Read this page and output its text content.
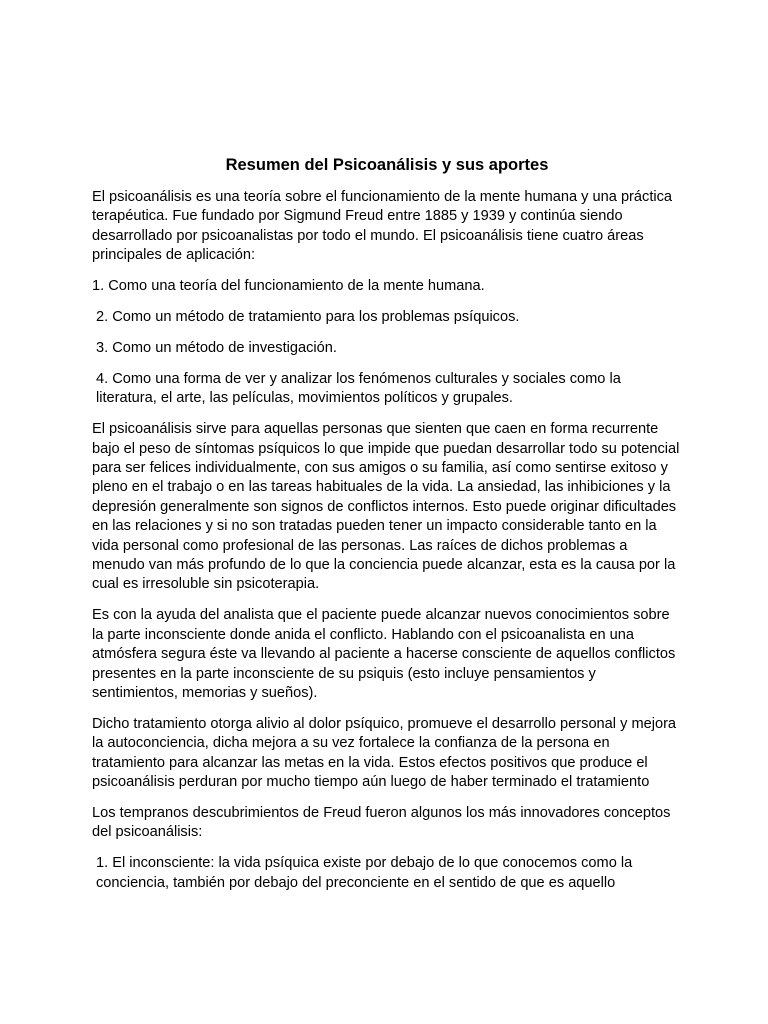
Resumen del Psicoanálisis y sus aportes

El psicoanálisis es una teoría sobre el funcionamiento de la mente humana y una práctica terapéutica. Fue fundado por Sigmund Freud entre 1885 y 1939 y continúa siendo desarrollado por psicoanalistas por todo el mundo. El psicoanálisis tiene cuatro áreas principales de aplicación:

1. Como una teoría del funcionamiento de la mente humana.

2. Como un método de tratamiento para los problemas psíquicos.

3. Como un método de investigación.

4. Como una forma de ver y analizar los fenómenos culturales y sociales como la literatura, el arte, las películas, movimientos políticos y grupales.

El psicoanálisis sirve para aquellas personas que sienten que caen en forma recurrente bajo el peso de síntomas psíquicos lo que impide que puedan desarrollar todo su potencial para ser felices individualmente, con sus amigos o su familia, así como sentirse exitoso y pleno en el trabajo o en las tareas habituales de la vida. La ansiedad, las inhibiciones y la depresión generalmente son signos de conflictos internos. Esto puede originar dificultades en las relaciones y si no son tratadas pueden tener un impacto considerable tanto en la vida personal como profesional de las personas. Las raíces de dichos problemas a menudo van más profundo de lo que la conciencia puede alcanzar, esta es la causa por la cual es irresoluble sin psicoterapia.

Es con la ayuda del analista que el paciente puede alcanzar nuevos conocimientos sobre la parte inconsciente donde anida el conflicto. Hablando con el psicoanalista en una atmósfera segura éste va llevando al paciente a hacerse consciente de aquellos conflictos presentes en la parte inconsciente de su psiquis (esto incluye pensamientos y sentimientos, memorias y sueños).

Dicho tratamiento otorga alivio al dolor psíquico, promueve el desarrollo personal y mejora la autoconciencia, dicha mejora a su vez fortalece la confianza de la persona en tratamiento para alcanzar las metas en la vida. Estos efectos positivos que produce el psicoanálisis perduran por mucho tiempo aún luego de haber terminado el tratamiento

Los tempranos descubrimientos de Freud fueron algunos los más innovadores conceptos del psicoanálisis:

1. El inconsciente: la vida psíquica existe por debajo de lo que conocemos como la conciencia, también por debajo del preconciente en el sentido de que es aquello
